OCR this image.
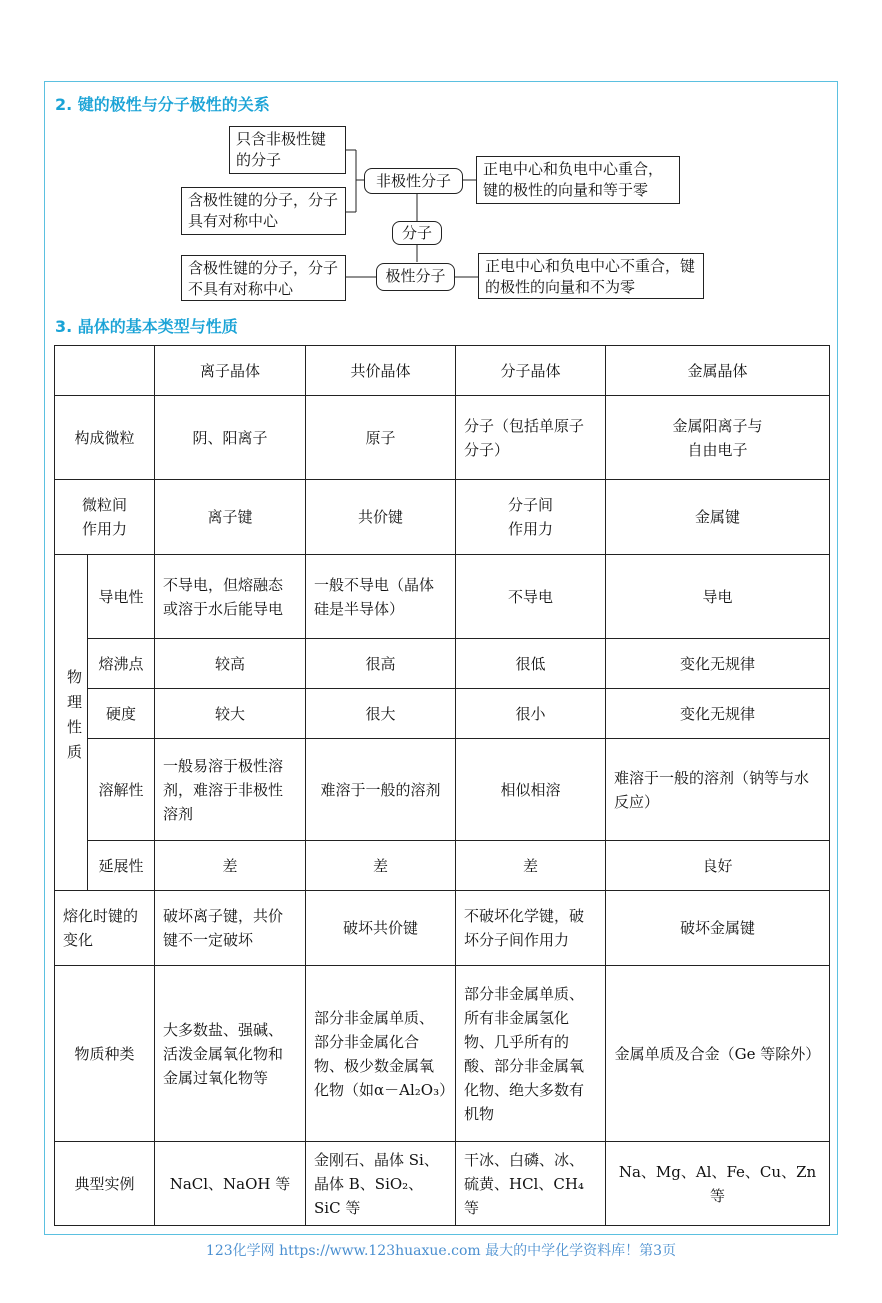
2. 键的极性与分子极性的关系
只含非极性键的分子
含极性键的分子，分子具有对称中心
非极性分子
正电中心和负电中心重合，键的极性的向量和等于零
分子
含极性键的分子，分子不具有对称中心
极性分子
正电中心和负电中心不重合，键的极性的向量和不为零
3. 晶体的基本类型与性质
		离子晶体	共价晶体	分子晶体	金属晶体
构成微粒		阴、阳离子	原子	分子（包括单原子分子）	金属阳离子与自由电子
微粒间作用力		离子键	共价键	分子间作用力	金属键
物理性质	导电性	不导电，但熔融态或溶于水后能导电	一般不导电（晶体硅是半导体）	不导电	导电
	熔沸点	较高	很高	很低	变化无规律
	硬度	较大	很大	很小	变化无规律
	溶解性	一般易溶于极性溶剂，难溶于非极性溶剂	难溶于一般的溶剂	相似相溶	难溶于一般的溶剂（钠等与水反应）
	延展性	差	差	差	良好
熔化时键的变化		破坏离子键，共价键不一定破坏	破坏共价键	不破坏化学键，破坏分子间作用力	破坏金属键
物质种类		大多数盐、强碱、活泼金属氧化物和金属过氧化物等	部分非金属单质、部分非金属化合物、极少数金属氧化物（如α－Al₂O₃）	部分非金属单质、所有非金属氢化物、几乎所有的酸、部分非金属氧化物、绝大多数有机物	金属单质及合金（Ge 等除外）
典型实例		NaCl、NaOH 等	金刚石、晶体 Si、晶体 B、SiO₂、SiC 等	干冰、白磷、冰、硫黄、HCl、CH₄ 等	Na、Mg、Al、Fe、Cu、Zn 等
123化学网 https://www.123huaxue.com 最大的中学化学资料库！第3页
